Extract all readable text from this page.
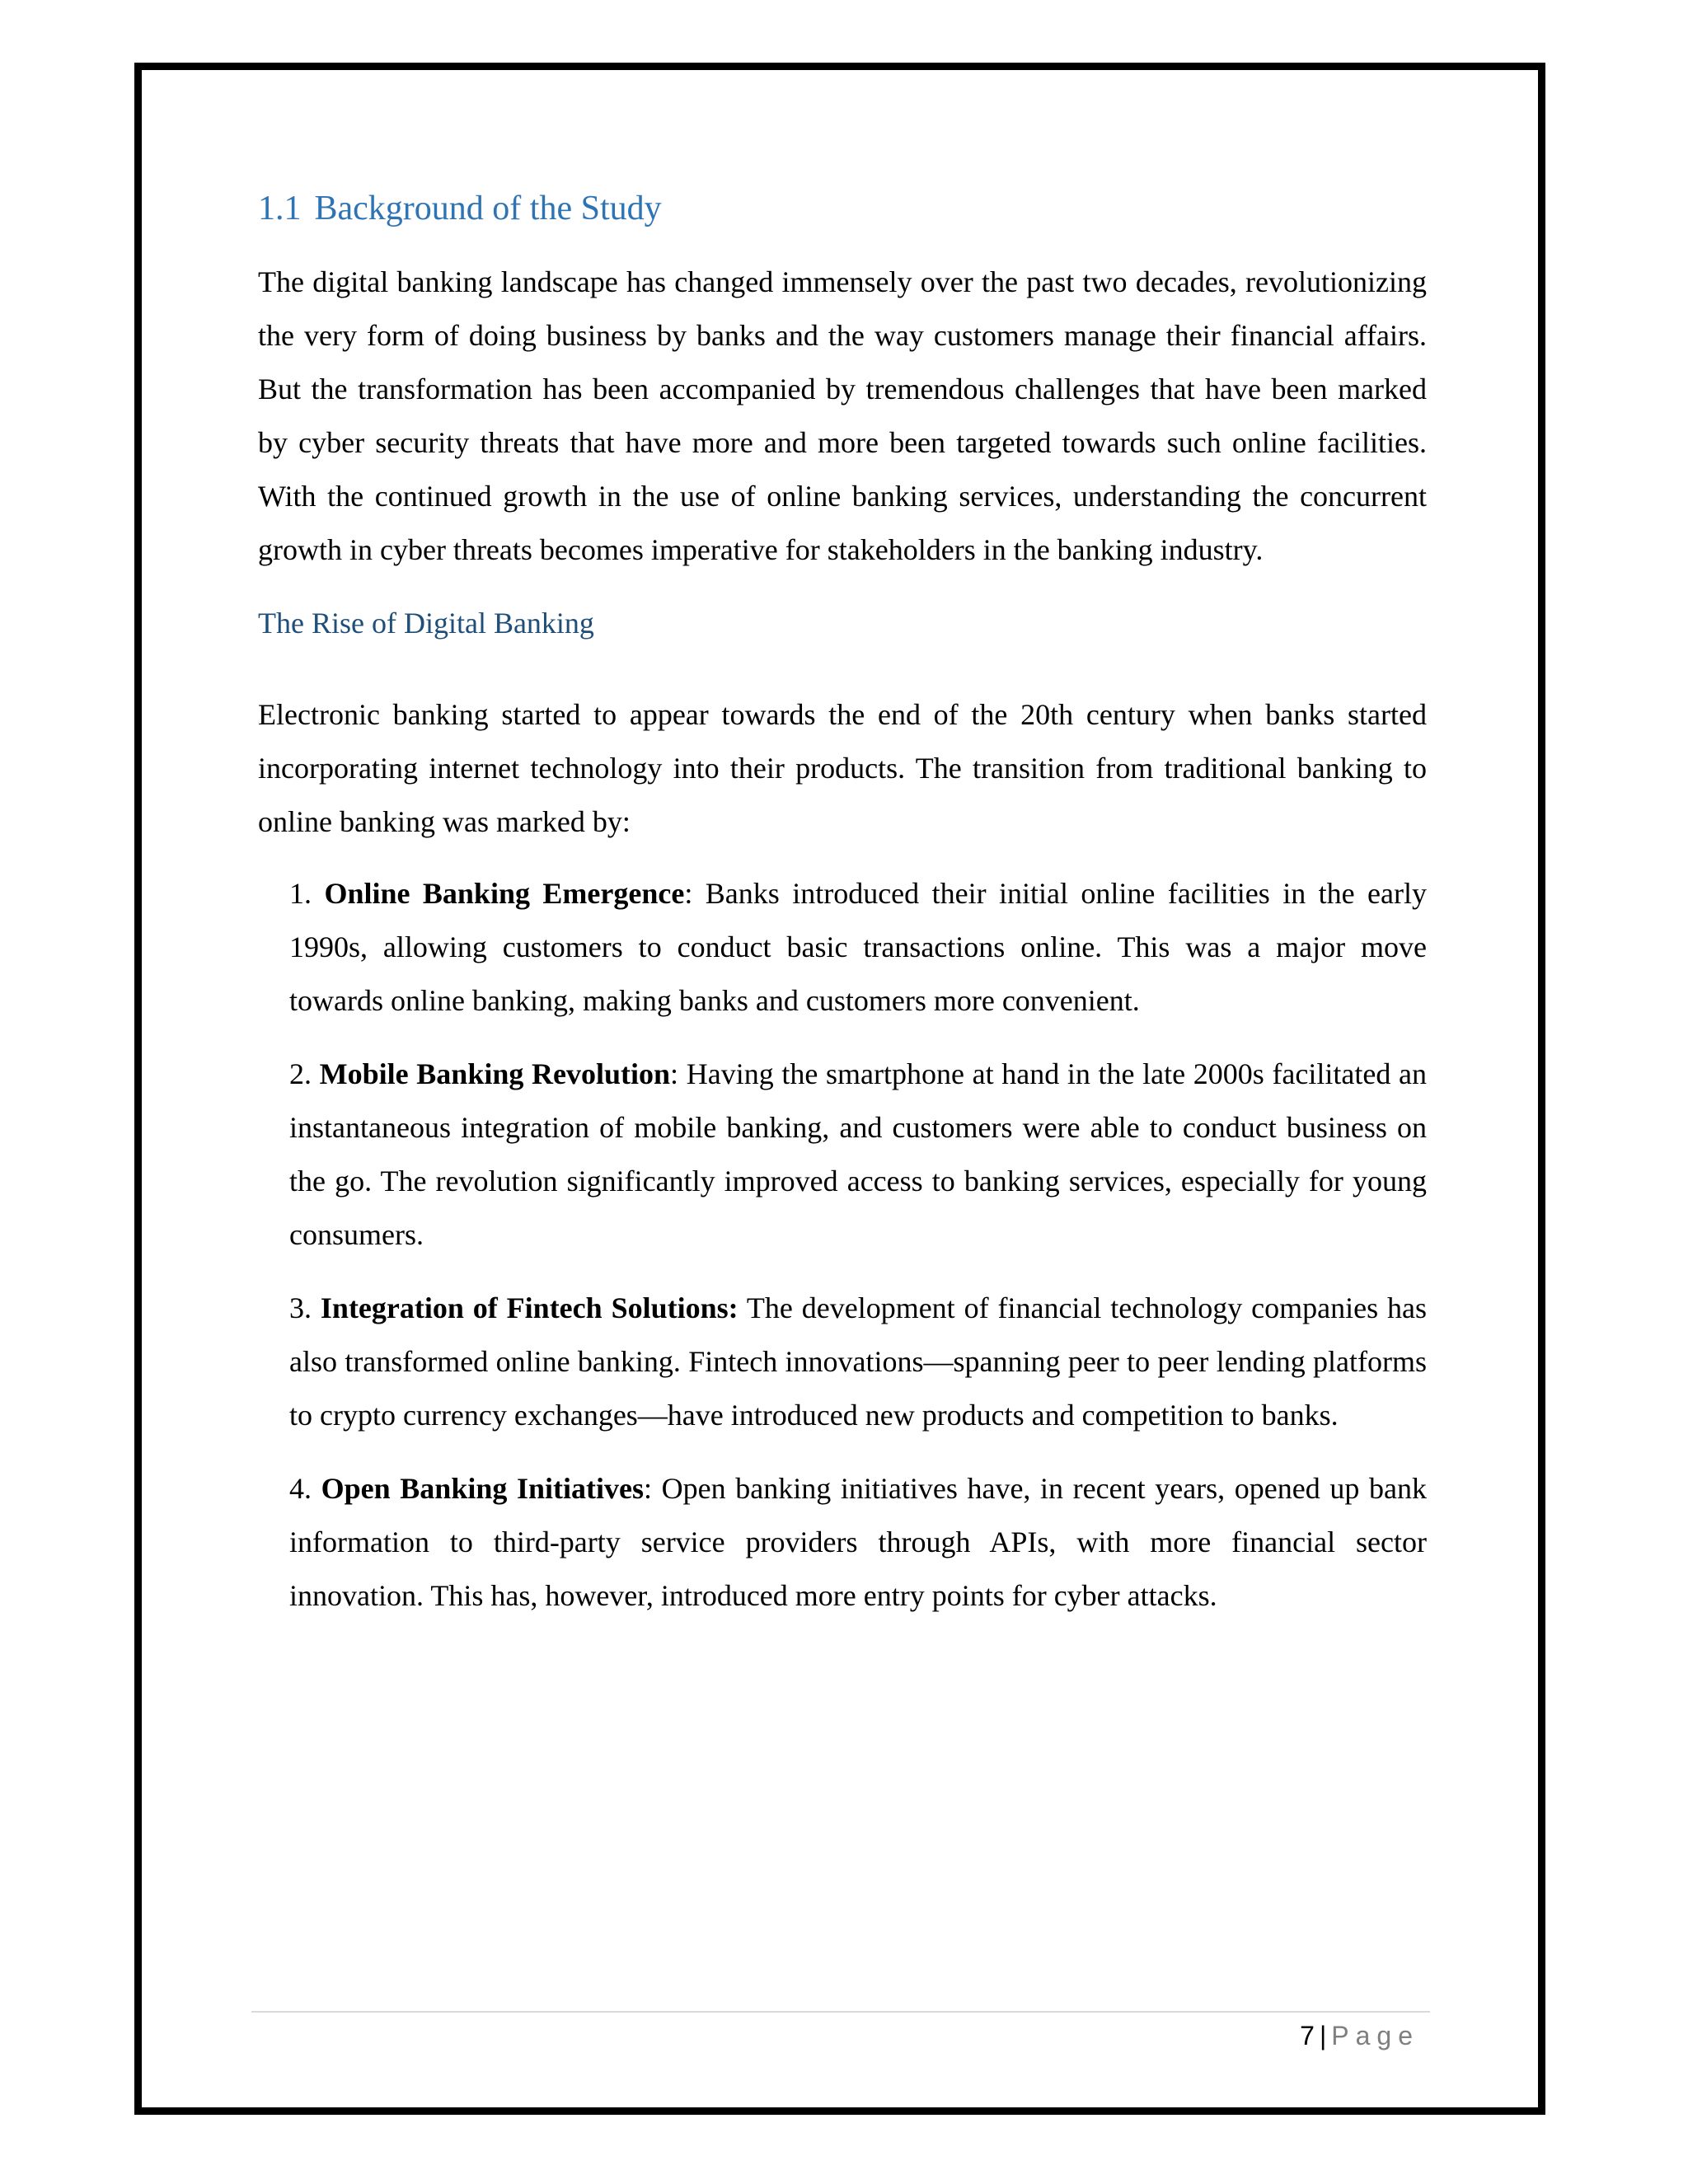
1.1 Background of the Study

The digital banking landscape has changed immensely over the past two decades, revolutionizing the very form of doing business by banks and the way customers manage their financial affairs. But the transformation has been accompanied by tremendous challenges that have been marked by cyber security threats that have more and more been targeted towards such online facilities. With the continued growth in the use of online banking services, understanding the concurrent growth in cyber threats becomes imperative for stakeholders in the banking industry.

The Rise of Digital Banking

Electronic banking started to appear towards the end of the 20th century when banks started incorporating internet technology into their products. The transition from traditional banking to online banking was marked by:

1. Online Banking Emergence: Banks introduced their initial online facilities in the early 1990s, allowing customers to conduct basic transactions online. This was a major move towards online banking, making banks and customers more convenient.
2. Mobile Banking Revolution: Having the smartphone at hand in the late 2000s facilitated an instantaneous integration of mobile banking, and customers were able to conduct business on the go. The revolution significantly improved access to banking services, especially for young consumers.
3. Integration of Fintech Solutions: The development of financial technology companies has also transformed online banking. Fintech innovations—spanning peer to peer lending platforms to crypto currency exchanges—have introduced new products and competition to banks.
4. Open Banking Initiatives: Open banking initiatives have, in recent years, opened up bank information to third-party service providers through APIs, with more financial sector innovation. This has, however, introduced more entry points for cyber attacks.
7 | Page
